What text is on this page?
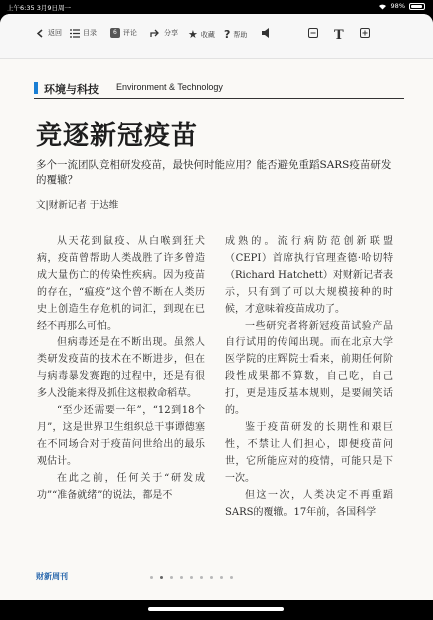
上午6:35 3月9日周一	98%
返回	目录	6 评论	分享 ★ 收藏 ? 帮助	T
环境与科技 Environment & Technology
竞逐新冠疫苗
多个一流团队竞相研发疫苗，最快何时能应用？能否避免重蹈SARS疫苗研发的覆辙？
文|财新记者 于达维

从天花到鼠疫、从白喉到狂犬病，疫苗曾帮助人类战胜了许多曾造成大量伤亡的传染性疾病。因为疫苗的存在，“瘟疫”这个曾不断在人类历史上创造生存危机的词汇，到现在已经不再那么可怕。

但病毒还是在不断出现。虽然人类研发疫苗的技术在不断进步，但在与病毒暴发赛跑的过程中，还是有很多人没能来得及抓住这根救命稻草。

“至少还需要一年”，“12到18个月”，这是世界卫生组织总干事谭德塞在不同场合对于疫苗问世给出的最乐观估计。

在此之前，任何关于“研发成功”“准备就绪”的说法，都是不

成熟的。流行病防范创新联盟（CEPI）首席执行官理查德·哈切特（Richard Hatchett）对财新记者表示，只有到了可以大规模接种的时候，才意味着疫苗成功了。

一些研究者将新冠疫苗试验产品自行试用的传闻出现。而在北京大学医学院的庄辉院士看来，前期任何阶段性成果都不算数，自己吃，自己打，更是违反基本规则，是要闹笑话的。

鉴于疫苗研发的长期性和艰巨性，不禁让人们担心，即便疫苗问世，它所能应对的疫情，可能只是下一次。

但这一次，人类决定不再重蹈SARS的覆辙。17年前，各国科学

财新周刊
